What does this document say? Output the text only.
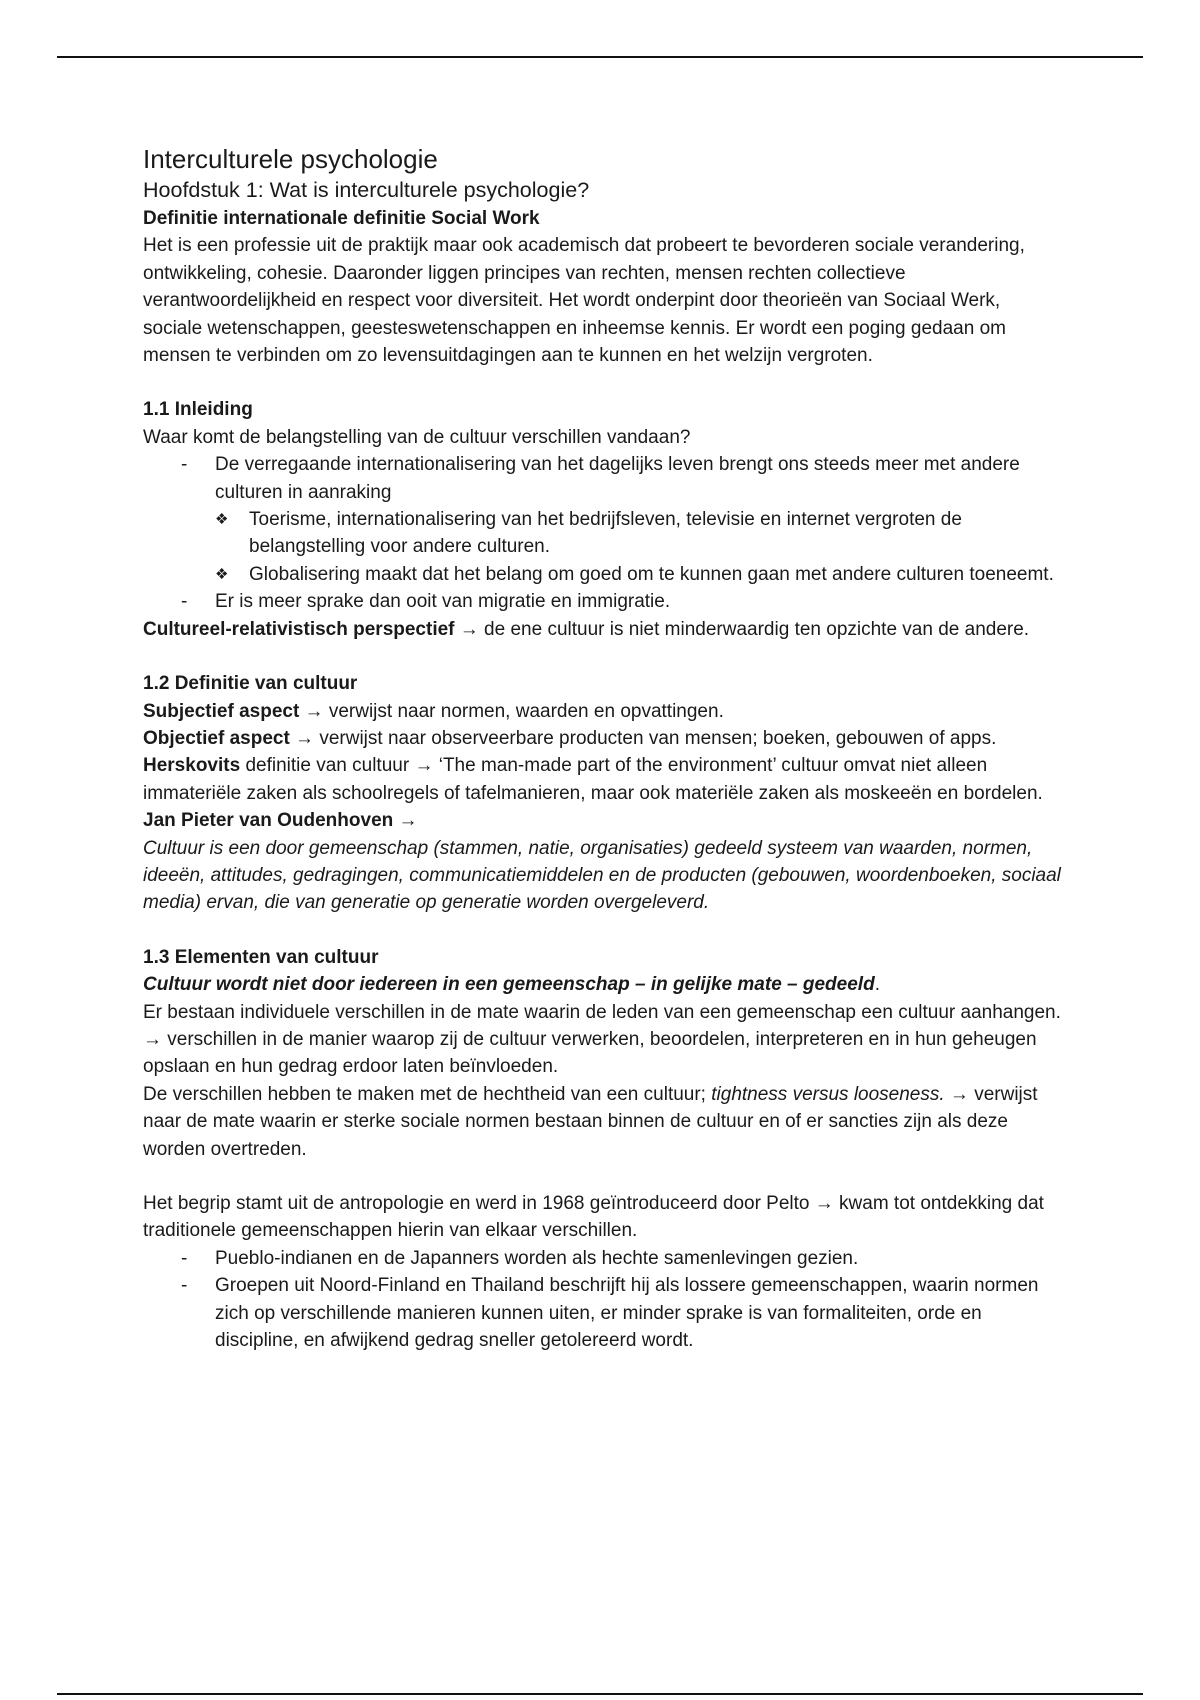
Interculturele psychologie
Hoofdstuk 1: Wat is interculturele psychologie?

Definitie internationale definitie Social Work

Het is een professie uit de praktijk maar ook academisch dat probeert te bevorderen sociale verandering, ontwikkeling, cohesie. Daaronder liggen principes van rechten, mensen rechten collectieve verantwoordelijkheid en respect voor diversiteit. Het wordt onderpint door theorieën van Sociaal Werk, sociale wetenschappen, geesteswetenschappen en inheemse kennis. Er wordt een poging gedaan om mensen te verbinden om zo levensuitdagingen aan te kunnen en het welzijn vergroten.

1.1 Inleiding

Waar komt de belangstelling van de cultuur verschillen vandaan?

- De verregaande internationalisering van het dagelijks leven brengt ons steeds meer met andere culturen in aanraking
❖ Toerisme, internationalisering van het bedrijfsleven, televisie en internet vergroten de belangstelling voor andere culturen.
❖ Globalisering maakt dat het belang om goed om te kunnen gaan met andere culturen toeneemt.
- Er is meer sprake dan ooit van migratie en immigratie.

Cultureel-relativistisch perspectief → de ene cultuur is niet minderwaardig ten opzichte van de andere.

1.2 Definitie van cultuur

Subjectief aspect → verwijst naar normen, waarden en opvattingen.

Objectief aspect → verwijst naar observeerbare producten van mensen; boeken, gebouwen of apps.

Herskovits definitie van cultuur → ‘The man-made part of the environment’ cultuur omvat niet alleen immateriële zaken als schoolregels of tafelmanieren, maar ook materiële zaken als moskeeën en bordelen.

Jan Pieter van Oudenhoven →

Cultuur is een door gemeenschap (stammen, natie, organisaties) gedeeld systeem van waarden, normen, ideeën, attitudes, gedragingen, communicatiemiddelen en de producten (gebouwen, woordenboeken, sociaal media) ervan, die van generatie op generatie worden overgeleverd.

1.3 Elementen van cultuur

Cultuur wordt niet door iedereen in een gemeenschap – in gelijke mate – gedeeld.

Er bestaan individuele verschillen in de mate waarin de leden van een gemeenschap een cultuur aanhangen. → verschillen in de manier waarop zij de cultuur verwerken, beoordelen, interpreteren en in hun geheugen opslaan en hun gedrag erdoor laten beïnvloeden.

De verschillen hebben te maken met de hechtheid van een cultuur; tightness versus looseness. → verwijst naar de mate waarin er sterke sociale normen bestaan binnen de cultuur en of er sancties zijn als deze worden overtreden.

Het begrip stamt uit de antropologie en werd in 1968 geïntroduceerd door Pelto → kwam tot ontdekking dat traditionele gemeenschappen hierin van elkaar verschillen.

- Pueblo-indianen en de Japanners worden als hechte samenlevingen gezien.
- Groepen uit Noord-Finland en Thailand beschrijft hij als lossere gemeenschappen, waarin normen zich op verschillende manieren kunnen uiten, er minder sprake is van formaliteiten, orde en discipline, en afwijkend gedrag sneller getolereerd wordt.
